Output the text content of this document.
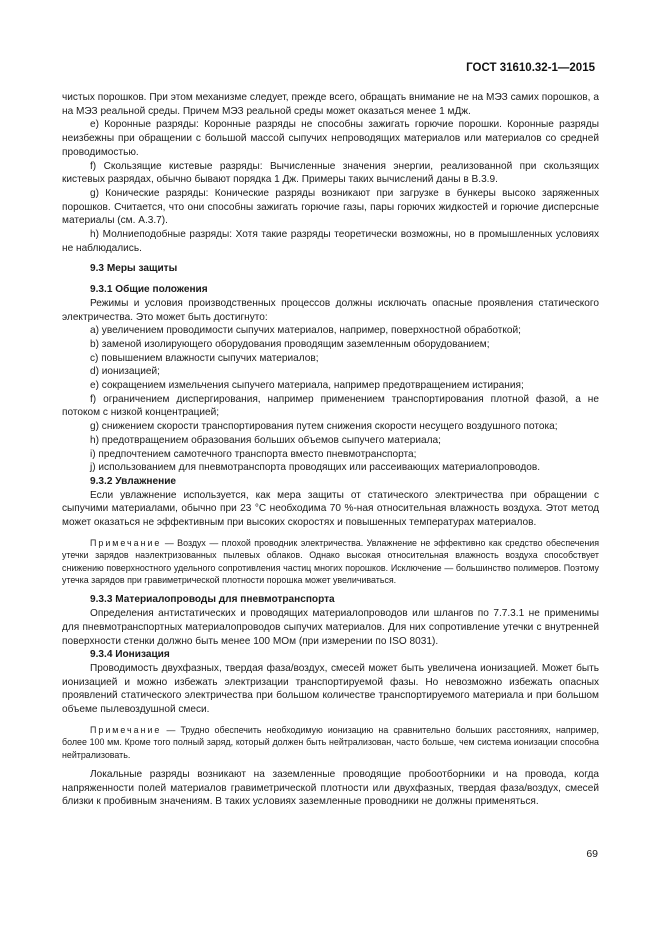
ГОСТ 31610.32-1—2015

чистых порошков. При этом механизме следует, прежде всего, обращать внимание не на МЭЗ самих порошков, а на МЭЗ реальной среды. Причем МЭЗ реальной среды может оказаться менее 1 мДж.

е) Коронные разряды: Коронные разряды не способны зажигать горючие порошки. Коронные разряды неизбежны при обращении с большой массой сыпучих непроводящих материалов или материалов со средней проводимостью.

f) Скользящие кистевые разряды: Вычисленные значения энергии, реализованной при скользящих кистевых разрядах, обычно бывают порядка 1 Дж. Примеры таких вычислений даны в В.3.9.

g) Конические разряды: Конические разряды возникают при загрузке в бункеры высоко заряженных порошков. Считается, что они способны зажигать горючие газы, пары горючих жидкостей и горючие дисперсные материалы (см. А.3.7).

h) Молниеподобные разряды: Хотя такие разряды теоретически возможны, но в промышленных условиях не наблюдались.

9.3 Меры защиты

9.3.1 Общие положения

Режимы и условия производственных процессов должны исключать опасные проявления статического электричества. Это может быть достигнуто:

а) увеличением проводимости сыпучих материалов, например, поверхностной обработкой;

b) заменой изолирующего оборудования проводящим заземленным оборудованием;

c) повышением влажности сыпучих материалов;

d) ионизацией;

e) сокращением измельчения сыпучего материала, например предотвращением истирания;

f) ограничением диспергирования, например применением транспортирования плотной фазой, а не потоком с низкой концентрацией;

g) снижением скорости транспортирования путем снижения скорости несущего воздушного потока;

h) предотвращением образования больших объемов сыпучего материала;

i) предпочтением самотечного транспорта вместо пневмотранспорта;

j) использованием для пневмотранспорта проводящих или рассеивающих материалопроводов.

9.3.2 Увлажнение

Если увлажнение используется, как мера защиты от статического электричества при обращении с сыпучими материалами, обычно при 23 °С необходима 70 %-ная относительная влажность воздуха. Этот метод может оказаться не эффективным при высоких скоростях и повышенных температурах материалов.

Примечание — Воздух — плохой проводник электричества. Увлажнение не эффективно как средство обеспечения утечки зарядов наэлектризованных пылевых облаков. Однако высокая относительная влажность воздуха способствует снижению поверхностного удельного сопротивления частиц многих порошков. Исключение — большинство полимеров. Поэтому утечка зарядов при гравиметрической плотности порошка может увеличиваться.

9.3.3 Материалопроводы для пневмотранспорта

Определения антистатических и проводящих материалопроводов или шлангов по 7.7.3.1 не применимы для пневмотранспортных материалопроводов сыпучих материалов. Для них сопротивление утечки с внутренней поверхности стенки должно быть менее 100 МОм (при измерении по ISO 8031).

9.3.4 Ионизация

Проводимость двухфазных, твердая фаза/воздух, смесей может быть увеличена ионизацией. Может быть ионизацией и можно избежать электризации транспортируемой фазы. Но невозможно избежать опасных проявлений статического электричества при большом количестве транспортируемого материала и при большом объеме пылевоздушной смеси.

Примечание — Трудно обеспечить необходимую ионизацию на сравнительно больших расстояниях, например, более 100 мм. Кроме того полный заряд, который должен быть нейтрализован, часто больше, чем система ионизации способна нейтрализовать.

Локальные разряды возникают на заземленные проводящие пробоотборники и на провода, когда напряженности полей материалов гравиметрической плотности или двухфазных, твердая фаза/воздух, смесей близки к пробивным значениям. В таких условиях заземленные проводники не должны применяться.

69
